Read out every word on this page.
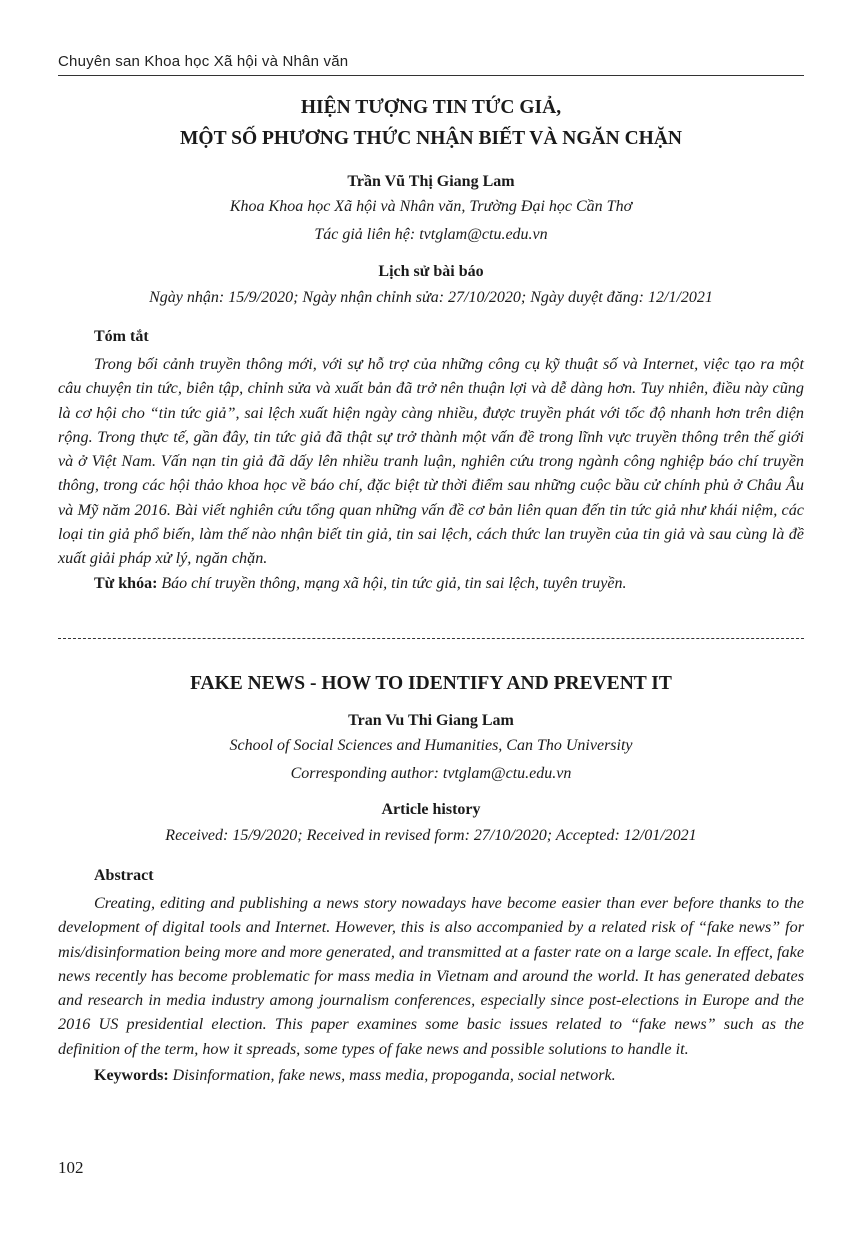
Chuyên san Khoa học Xã hội và Nhân văn

HIỆN TƯỢNG TIN TỨC GIẢ,

MỘT SỐ PHƯƠNG THỨC NHẬN BIẾT VÀ NGĂN CHẶN

Trần Vũ Thị Giang Lam

Khoa Khoa học Xã hội và Nhân văn, Trường Đại học Cần Thơ

Tác giả liên hệ: tvtglam@ctu.edu.vn

Lịch sử bài báo

Ngày nhận: 15/9/2020; Ngày nhận chỉnh sửa: 27/10/2020; Ngày duyệt đăng: 12/1/2021

Tóm tắt

Trong bối cảnh truyền thông mới, với sự hỗ trợ của những công cụ kỹ thuật số và Internet, việc tạo ra một câu chuyện tin tức, biên tập, chỉnh sửa và xuất bản đã trở nên thuận lợi và dễ dàng hơn. Tuy nhiên, điều này cũng là cơ hội cho “tin tức giả”, sai lệch xuất hiện ngày càng nhiều, được truyền phát với tốc độ nhanh hơn trên diện rộng. Trong thực tế, gần đây, tin tức giả đã thật sự trở thành một vấn đề trong lĩnh vực truyền thông trên thế giới và ở Việt Nam. Vấn nạn tin giả đã dấy lên nhiều tranh luận, nghiên cứu trong ngành công nghiệp báo chí truyền thông, trong các hội thảo khoa học về báo chí, đặc biệt từ thời điểm sau những cuộc bầu cử chính phủ ở Châu Âu và Mỹ năm 2016. Bài viết nghiên cứu tổng quan những vấn đề cơ bản liên quan đến tin tức giả như khái niệm, các loại tin giả phổ biến, làm thế nào nhận biết tin giả, tin sai lệch, cách thức lan truyền của tin giả và sau cùng là đề xuất giải pháp xử lý, ngăn chặn.

Từ khóa: Báo chí truyền thông, mạng xã hội, tin tức giả, tin sai lệch, tuyên truyền.

FAKE NEWS - HOW TO IDENTIFY AND PREVENT IT

Tran Vu Thi Giang Lam

School of Social Sciences and Humanities, Can Tho University

Corresponding author: tvtglam@ctu.edu.vn

Article history

Received: 15/9/2020; Received in revised form: 27/10/2020; Accepted: 12/01/2021

Abstract

Creating, editing and publishing a news story nowadays have become easier than ever before thanks to the development of digital tools and Internet. However, this is also accompanied by a related risk of “fake news” for mis/disinformation being more and more generated, and transmitted at a faster rate on a large scale. In effect, fake news recently has become problematic for mass media in Vietnam and around the world. It has generated debates and research in media industry among journalism conferences, especially since post-elections in Europe and the 2016 US presidential election. This paper examines some basic issues related to “fake news” such as the definition of the term, how it spreads, some types of fake news and possible solutions to handle it.

Keywords: Disinformation, fake news, mass media, propoganda, social network.

102
